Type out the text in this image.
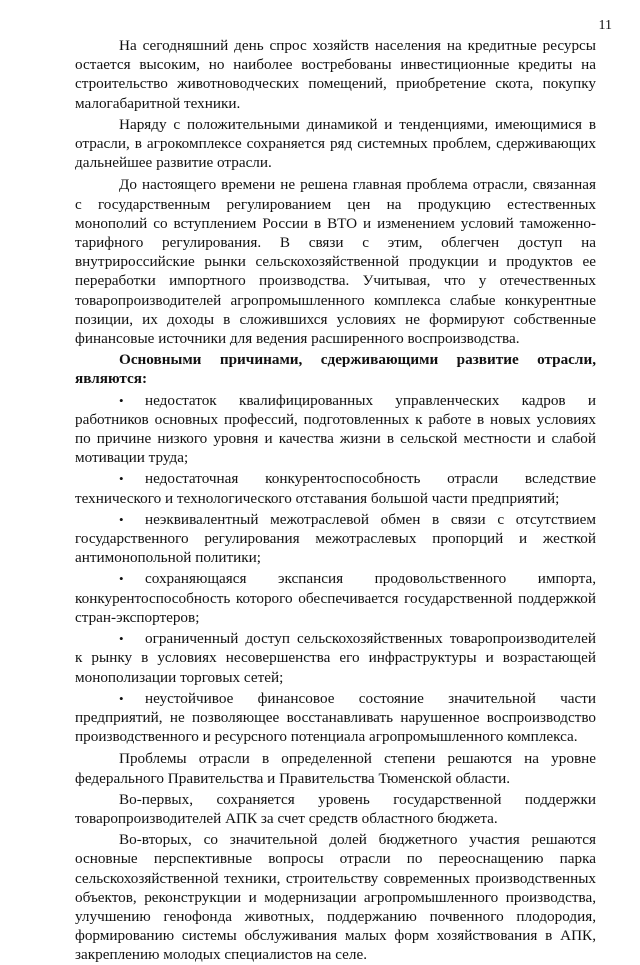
11

На сегодняшний день спрос хозяйств населения на кредитные ресурсы остается высоким, но наиболее востребованы инвестиционные кредиты на строительство животноводческих помещений, приобретение скота, покупку малогабаритной техники.

Наряду с положительными динамикой и тенденциями, имеющимися в отрасли, в агрокомплексе сохраняется ряд системных проблем, сдерживающих дальнейшее развитие отрасли.

До настоящего времени не решена главная проблема отрасли, связанная с государственным регулированием цен на продукцию естественных монополий со вступлением России в ВТО и изменением условий таможенно-тарифного регулирования. В связи с этим, облегчен доступ на внутрироссийские рынки сельскохозяйственной продукции и продуктов ее переработки импортного производства. Учитывая, что у отечественных товаропроизводителей агропромышленного комплекса слабые конкурентные позиции, их доходы в сложившихся условиях не формируют собственные финансовые источники для ведения расширенного воспроизводства.

Основными причинами, сдерживающими развитие отрасли, являются:

• недостаток квалифицированных управленческих кадров и работников основных профессий, подготовленных к работе в новых условиях по причине низкого уровня и качества жизни в сельской местности и слабой мотивации труда;

• недостаточная конкурентоспособность отрасли вследствие технического и технологического отставания большой части предприятий;

• неэквивалентный межотраслевой обмен в связи с отсутствием государственного регулирования межотраслевых пропорций и жесткой антимонопольной политики;

• сохраняющаяся экспансия продовольственного импорта, конкурентоспособность которого обеспечивается государственной поддержкой стран-экспортеров;

• ограниченный доступ сельскохозяйственных товаропроизводителей к рынку в условиях несовершенства его инфраструктуры и возрастающей монополизации торговых сетей;

• неустойчивое финансовое состояние значительной части предприятий, не позволяющее восстанавливать нарушенное воспроизводство производственного и ресурсного потенциала агропромышленного комплекса.

Проблемы отрасли в определенной степени решаются на уровне федерального Правительства и Правительства Тюменской области.

Во-первых, сохраняется уровень государственной поддержки товаропроизводителей АПК за счет средств областного бюджета.

Во-вторых, со значительной долей бюджетного участия решаются основные перспективные вопросы отрасли по переоснащению парка сельскохозяйственной техники, строительству современных производственных объектов, реконструкции и модернизации агропромышленного производства, улучшению генофонда животных, поддержанию почвенного плодородия, формированию системы обслуживания малых форм хозяйствования в АПК, закреплению молодых специалистов на селе.
